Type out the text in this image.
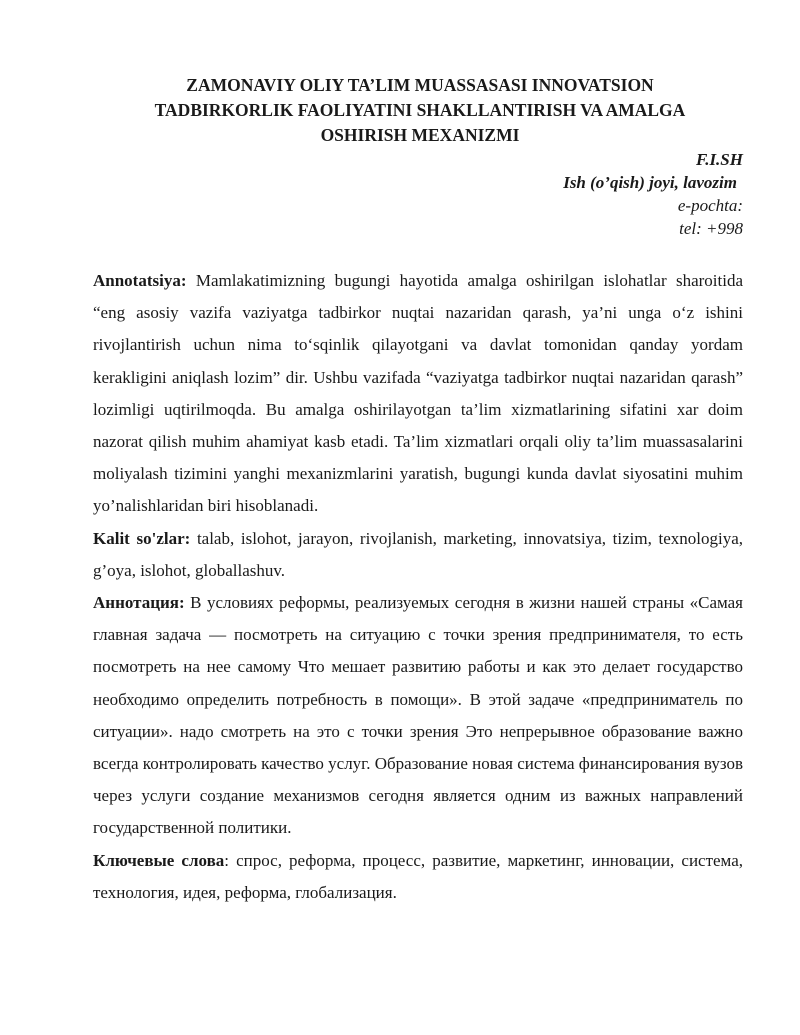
ZAMONAVIY OLIY TA’LIM MUASSASASI INNOVATSION
TADBIRKORLIK FAOLIYATINI SHAKLLANTIRISH VA AMALGA
OSHIRISH MEXANIZMI
F.I.SH
Ish (o’qish) joyi, lavozim
e-pochta:
tel: +998

Annotatsiya: Mamlakatimizning bugungi hayotida amalga oshirilgan islohatlar sharoitida “eng asosiy vazifa vaziyatga tadbirkor nuqtai nazaridan qarash, ya’ni unga o‘z ishini rivojlantirish uchun nima to‘sqinlik qilayotgani va davlat tomonidan qanday yordam kerakligini aniqlash lozim” dir. Ushbu vazifada “vaziyatga tadbirkor nuqtai nazaridan qarash” lozimligi uqtirilmoqda. Bu amalga oshirilayotgan ta’lim xizmatlarining sifatini xar doim nazorat qilish muhim ahamiyat kasb etadi. Ta’lim xizmatlari orqali oliy ta’lim muassasalarini moliyalash tizimini yanghi mexanizmlarini yaratish, bugungi kunda davlat siyosatini muhim yo’nalishlaridan biri hisoblanadi.

Kalit so'zlar: talab, islohot, jarayon, rivojlanish, marketing, innovatsiya, tizim, texnologiya, g’oya, islohot, globallashuv.

Аннотация: В условиях реформы, реализуемых сегодня в жизни нашей страны «Самая главная задача — посмотреть на ситуацию с точки зрения предпринимателя, то есть посмотреть на нее самому Что мешает развитию работы и как это делает государство необходимо определить потребность в помощи». В этой задаче «предприниматель по ситуации». надо смотреть на это с точки зрения Это непрерывное образование важно всегда контролировать качество услуг. Образование новая система финансирования вузов через услуги создание механизмов сегодня является одним из важных направлений государственной политики.

Ключевые слова: спрос, реформа, процесс, развитие, маркетинг, инновации, система, технология, идея, реформа, глобализация.
